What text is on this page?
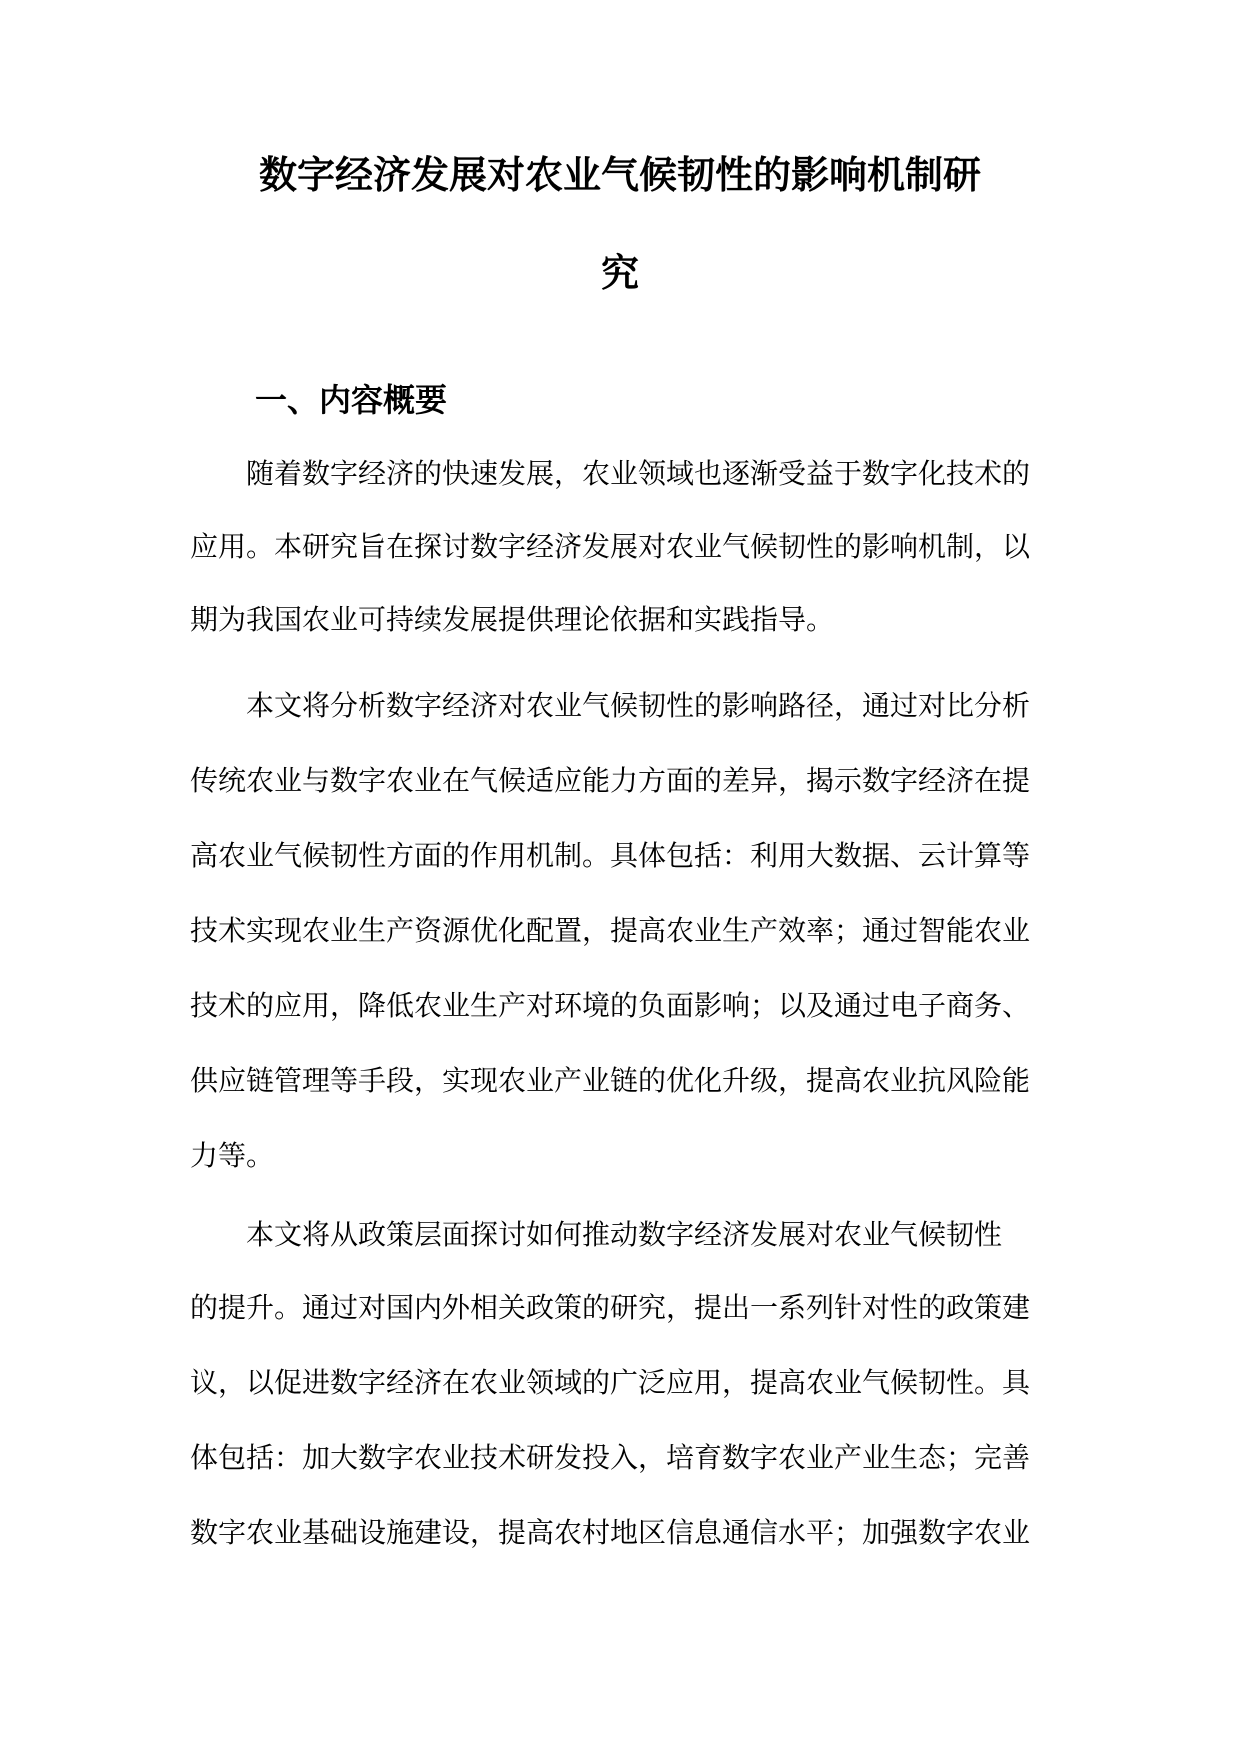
数字经济发展对农业气候韧性的影响机制研
究
一、内容概要
随着数字经济的快速发展，农业领域也逐渐受益于数字化技术的
应用。本研究旨在探讨数字经济发展对农业气候韧性的影响机制，以
期为我国农业可持续发展提供理论依据和实践指导。
本文将分析数字经济对农业气候韧性的影响路径，通过对比分析
传统农业与数字农业在气候适应能力方面的差异，揭示数字经济在提
高农业气候韧性方面的作用机制。具体包括：利用大数据、云计算等
技术实现农业生产资源优化配置，提高农业生产效率；通过智能农业
技术的应用，降低农业生产对环境的负面影响；以及通过电子商务、
供应链管理等手段，实现农业产业链的优化升级，提高农业抗风险能
力等。
本文将从政策层面探讨如何推动数字经济发展对农业气候韧性
的提升。通过对国内外相关政策的研究，提出一系列针对性的政策建
议，以促进数字经济在农业领域的广泛应用，提高农业气候韧性。具
体包括：加大数字农业技术研发投入，培育数字农业产业生态；完善
数字农业基础设施建设，提高农村地区信息通信水平；加强数字农业
